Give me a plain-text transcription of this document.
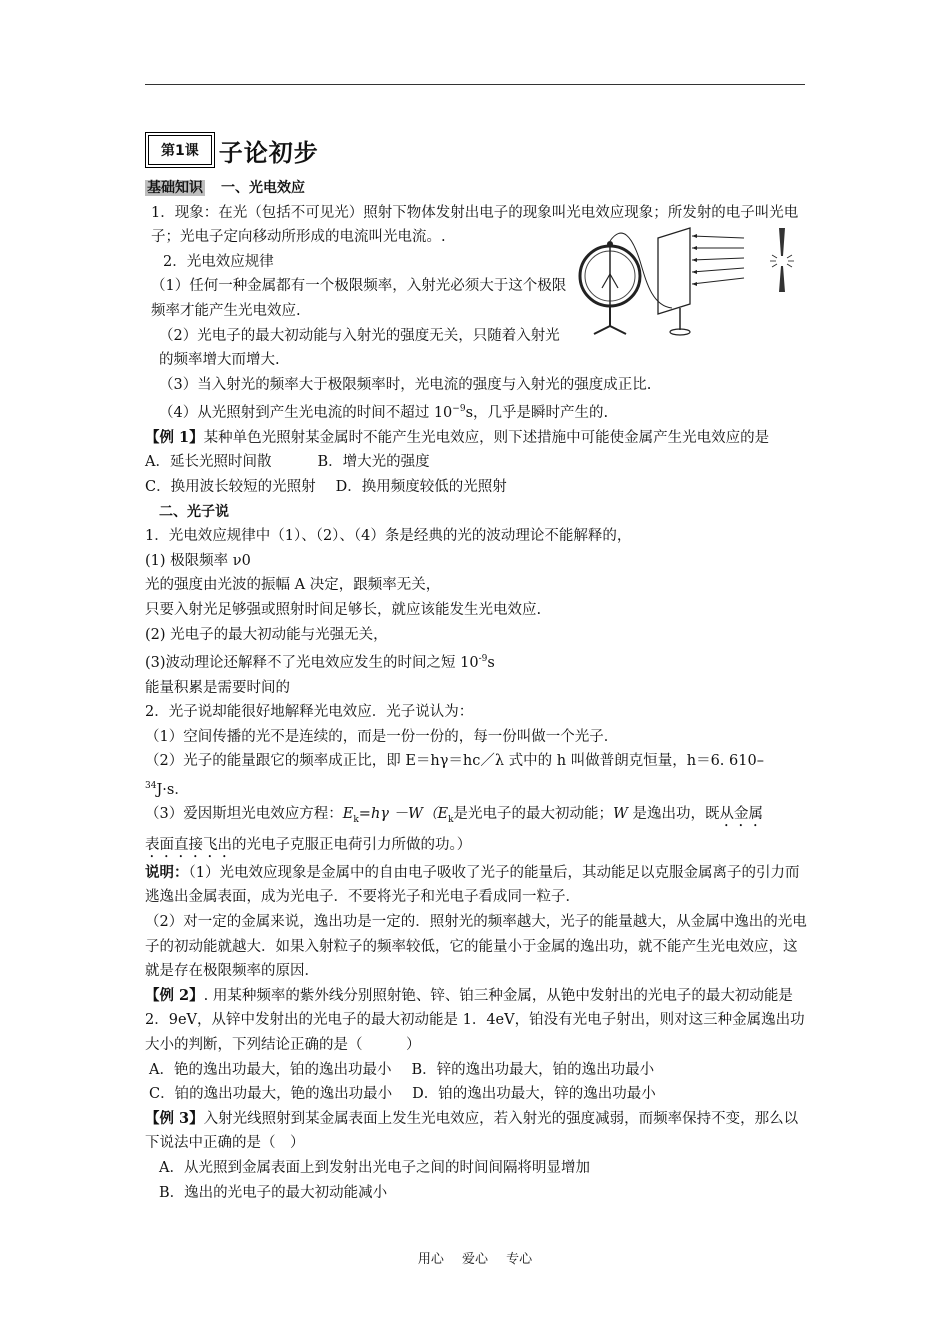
第1课 子论初步
基础知识 一、光电效应
1．现象：在光（包括不可见光）照射下物体发射出电子的现象叫光电效应现象；所发射的电子叫光电子；光电子定向移动所形成的电流叫光电流。.
2．光电效应规律
（1）任何一种金属都有一个极限频率，入射光必须大于这个极限频率才能产生光电效应.
（2）光电子的最大初动能与入射光的强度无关，只随着入射光的频率增大而增大.
（3）当入射光的频率大于极限频率时，光电流的强度与入射光的强度成正比.
（4）从光照射到产生光电流的时间不超过 $10^{-9}s$，几乎是瞬时产生的.
【例 1】某种单色光照射某金属时不能产生光电效应，则下述措施中可能使金属产生光电效应的是
A．延长光照时间散	B．增大光的强度
C．换用波长较短的光照射 D．换用频度较低的光照射
二、光子说
1．光电效应规律中（1）、（2）、（4）条是经典的光的波动理论不能解释的，
(1) 极限频率 ν0
光的强度由光波的振幅 A 决定，跟频率无关，
只要入射光足够强或照射时间足够长，就应该能发生光电效应.
(2) 光电子的最大初动能与光强无关，
(3)波动理论还解释不了光电效应发生的时间之短 $10^{-9}s$
能量积累是需要时间的
2．光子说却能很好地解释光电效应．光子说认为：
（1）空间传播的光不是连续的，而是一份一份的，每一份叫做一个光子．
（2）光子的能量跟它的频率成正比，即 E＝hγ＝hc／λ 式中的 h 叫做普朗克恒量，h＝6. 610–
$^{34}$J·s．
（3）爱因斯坦光电效应方程：$E_k=h\gamma -W(E_k$是光电子的最大初动能；W 是逸出功，既从金属
表面直接飞出的光电子克服正电荷引力所做的功。）
说明：（1）光电效应现象是金属中的自由电子吸收了光子的能量后，其动能足以克服金属离子的引力而逃逸出金属表面，成为光电子．不要将光子和光电子看成同一粒子．
（2）对一定的金属来说，逸出功是一定的．照射光的频率越大，光子的能量越大，从金属中逸出的光电子的初动能就越大．如果入射粒子的频率较低，它的能量小于金属的逸出功，就不能产生光电效应，这就是存在极限频率的原因．
【例 2】. 用某种频率的紫外线分别照射铯、锌、铂三种金属，从铯中发射出的光电子的最大初动能是 2．9eV，从锌中发射出的光电子的最大初动能是 1．4eV，铂没有光电子射出，则对这三种金属逸出功大小的判断，下列结论正确的是（　　　）
A．铯的逸出功最大，铂的逸出功最小 B．锌的逸出功最大，铂的逸出功最小
C．铂的逸出功最大，铯的逸出功最小 D．铂的逸出功最大，锌的逸出功最小
【例 3】入射光线照射到某金属表面上发生光电效应，若入射光的强度减弱，而频率保持不变，那么以下说法中正确的是（　）
A．从光照到金属表面上到发射出光电子之间的时间间隔将明显增加
B．逸出的光电子的最大初动能减小
用心 爱心 专心
